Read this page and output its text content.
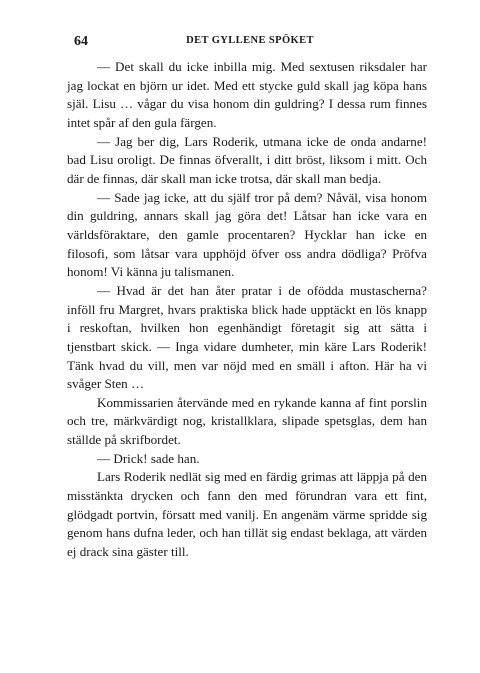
64	DET GYLLENE SPÖKET

— Det skall du icke inbilla mig. Med sextusen riksdaler har jag lockat en björn ur idet. Med ett stycke guld skall jag köpa hans själ. Lisu … vågar du visa honom din guldring? I dessa rum finnes intet spår af den gula färgen.

— Jag ber dig, Lars Roderik, utmana icke de onda andarne! bad Lisu oroligt. De finnas öfverallt, i ditt bröst, liksom i mitt. Och där de finnas, där skall man icke trotsa, där skall man bedja.

— Sade jag icke, att du själf tror på dem? Nåväl, visa honom din guldring, annars skall jag göra det! Låtsar han icke vara en världsföraktare, den gamle procentaren? Hycklar han icke en filosofi, som låtsar vara upphöjd öfver oss andra dödliga? Pröfva honom! Vi känna ju talismanen.

— Hvad är det han åter pratar i de ofödda mustascherna? inföll fru Margret, hvars praktiska blick hade upptäckt en lös knapp i reskoftan, hvilken hon egenhändigt företagit sig att sätta i tjenstbart skick. — Inga vidare dumheter, min käre Lars Roderik! Tänk hvad du vill, men var nöjd med en smäll i afton. Här ha vi svåger Sten …

Kommissarien återvände med en rykande kanna af fint porslin och tre, märkvärdigt nog, kristallklara, slipade spetsglas, dem han ställde på skrifbordet.

— Drick! sade han.

Lars Roderik nedlät sig med en färdig grimas att läppja på den misstänkta drycken och fann den med förundran vara ett fint, glödgadt portvin, försatt med vanilj. En angenäm värme spridde sig genom hans dufna leder, och han tillät sig endast beklaga, att värden ej drack sina gäster till.
